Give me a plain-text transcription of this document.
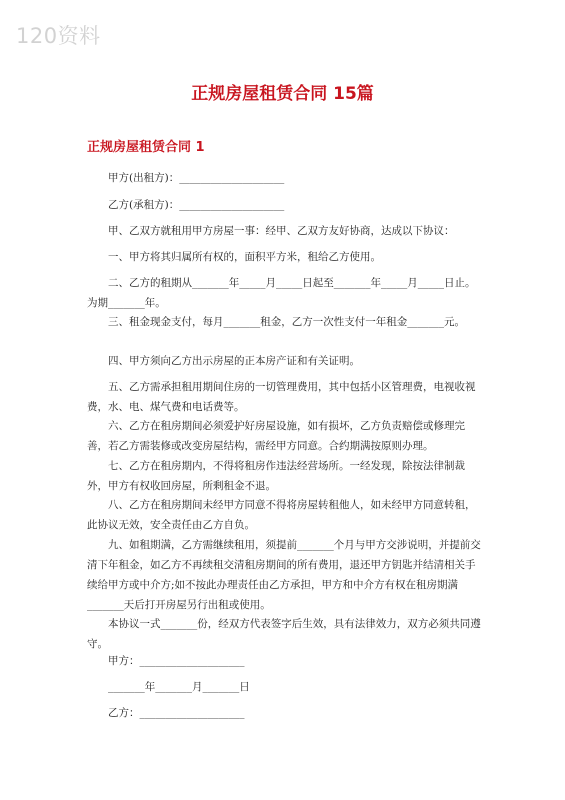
120资料
正规房屋租赁合同 15篇
正规房屋租赁合同 1
甲方(出租方)：____________________
乙方(承租方)：____________________
甲、乙双方就租用甲方房屋一事：经甲、乙双方友好协商，达成以下协议：
一、甲方将其归属所有权的，面积平方米，租给乙方使用。
二、乙方的租期从_______年_____月_____日起至_______年_____月_____日止。为期_______年。
三、租金现金支付，每月_______租金，乙方一次性支付一年租金_______元。
四、甲方须向乙方出示房屋的正本房产证和有关证明。
五、乙方需承担租用期间住房的一切管理费用，其中包括小区管理费，电视收视费，水、电、煤气费和电话费等。
六、乙方在租房期间必须爱护好房屋设施，如有损坏，乙方负责赔偿或修理完善，若乙方需装修或改变房屋结构，需经甲方同意。合约期满按原则办理。
七、乙方在租房期内，不得将租房作违法经营场所。一经发现，除按法律制裁外，甲方有权收回房屋，所剩租金不退。
八、乙方在租房期间未经甲方同意不得将房屋转租他人，如未经甲方同意转租，此协议无效，安全责任由乙方自负。
九、如租期满，乙方需继续租用，须提前_______个月与甲方交涉说明，并提前交清下年租金，如乙方不再续租交清租房期间的所有费用，退还甲方钥匙并结清相关手续给甲方或中介方;如不按此办理责任由乙方承担，甲方和中介方有权在租房期满_______天后打开房屋另行出租或使用。
本协议一式_______份，经双方代表签字后生效，具有法律效力，双方必须共同遵守。
甲方：____________________
_______年_______月_______日
乙方：____________________
